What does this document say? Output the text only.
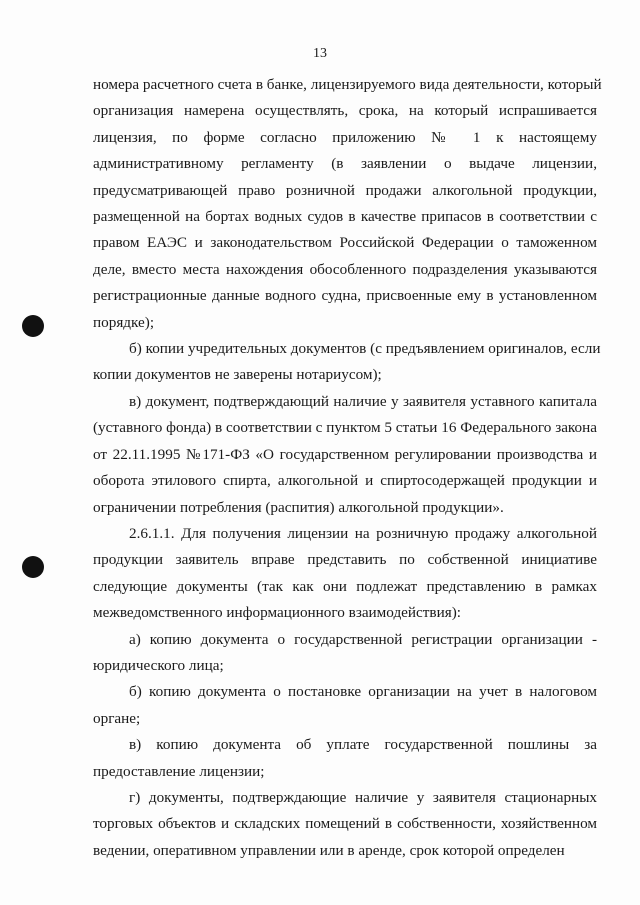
13
номера расчетного счета в банке, лицензируемого вида деятельности, который
организация намерена осуществлять, срока, на который испрашивается
лицензия, по форме согласно приложению № 1 к настоящему
административному регламенту (в заявлении о выдаче лицензии,
предусматривающей право розничной продажи алкогольной продукции,
размещенной на бортах водных судов в качестве припасов в соответствии с
правом ЕАЭС и законодательством Российской Федерации о таможенном
деле, вместо места нахождения обособленного подразделения указываются
регистрационные данные водного судна, присвоенные ему в установленном
порядке);
б) копии учредительных документов (с предъявлением оригиналов, если
копии документов не заверены нотариусом);
в) документ, подтверждающий наличие у заявителя уставного капитала
(уставного фонда) в соответствии с пунктом 5 статьи 16 Федерального закона
от 22.11.1995 №171-ФЗ «О государственном регулировании производства и
оборота этилового спирта, алкогольной и спиртосодержащей продукции и
ограничении потребления (распития) алкогольной продукции».
2.6.1.1. Для получения лицензии на розничную продажу алкогольной
продукции заявитель вправе представить по собственной инициативе
следующие документы (так как они подлежат представлению в рамках
межведомственного информационного взаимодействия):
а) копию документа о государственной регистрации организации -
юридического лица;
б) копию документа о постановке организации на учет в налоговом
органе;
в) копию документа об уплате государственной пошлины за
предоставление лицензии;
г) документы, подтверждающие наличие у заявителя стационарных
торговых объектов и складских помещений в собственности, хозяйственном
ведении, оперативном управлении или в аренде, срок которой определен
